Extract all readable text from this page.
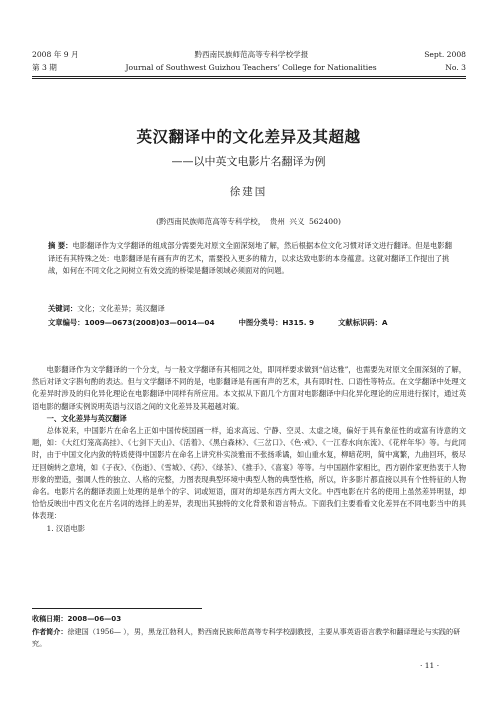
2008 年 9 月	黔西南民族师范高等专科学校学报	Sept. 2008
第 3 期	Journal of Southwest Guizhou Teachers’ College for Nationalities	No. 3
英汉翻译中的文化差异及其超越
——以中英文电影片名翻译为例
徐建国
(黔西南民族师范高等专科学校， 贵州 兴义 562400)
摘 要：电影翻译作为文学翻译的组成部分需要先对原文全面深刻地了解，然后根据本位文化习惯对译文进行翻译。但是电影翻译还有其特殊之处：电影翻译是有画有声的艺术，需要投入更多的精力，以求达致电影的本身蕴意。这就对翻译工作提出了挑战，如何在不同文化之间树立有效交流的桥梁是翻译领域必须面对的问题。
关键词：文化；文化差异；英汉翻译
文章编号：1009—0673(2008)03—0014—04	中图分类号：H315. 9	文献标识码：A

电影翻译作为文学翻译的一个分支，与一般文学翻译有其相同之处，即同样要求做到“信达雅”，也需要先对原文全面深刻的了解，然后对译文字斟句酌的表达。但与文学翻译不同的是，电影翻译是有画有声的艺术，具有即时性、口语性等特点。在文学翻译中处理文化差异时涉及的归化异化理论在电影翻译中同样有所应用。本文拟从下面几个方面对电影翻译中归化异化理论的应用进行探讨，通过英语电影的翻译实例说明英语与汉语之间的文化差异及其超越对策。

一、文化差异与英汉翻译

总体说来，中国影片在命名上正如中国传统国画一样，追求高远、宁静、空灵、太虚之境，偏好于具有象征性的或富有诗意的文题，如：《大红灯笼高高挂》、《七剑下天山》、《活着》、《黑白森林》、《三岔口》、《色·戒》、《一江春水向东流》、《花样年华》等。与此同时，由于中国文化内敛的特质使得中国影片在命名上讲究朴实淡雅而不张扬乖谲，如山重水复，柳暗花明，简中寓繁，九曲回环，极尽迂回婉转之意境，如《子夜》、《伤逝》、《雪城》、《药》、《绿茶》、《推手》、《喜宴》等等。与中国剧作家相比，西方剧作家更热衷于人物形象的塑造，强调人性的独立、人格的完整，力图表现典型环境中典型人物的典型性格，所以，许多影片都直接以具有个性特征的人物命名。电影片名的翻译表面上处理的是单个的字、词或短语，面对的却是东西方两大文化。中西电影在片名的使用上虽然差异明显，却恰恰反映出中西文化在片名词的选择上的差异，表现出其独特的文化背景和语言特点。下面我们主要看看文化差异在不同电影当中的具体表现：

1. 汉语电影

收稿日期：2008—06—03
作者简介：徐建国（1956— ），男，黑龙江勃利人，黔西南民族师范高等专科学校副教授，主要从事英语语言教学和翻译理论与实践的研究。
· 11 ·
